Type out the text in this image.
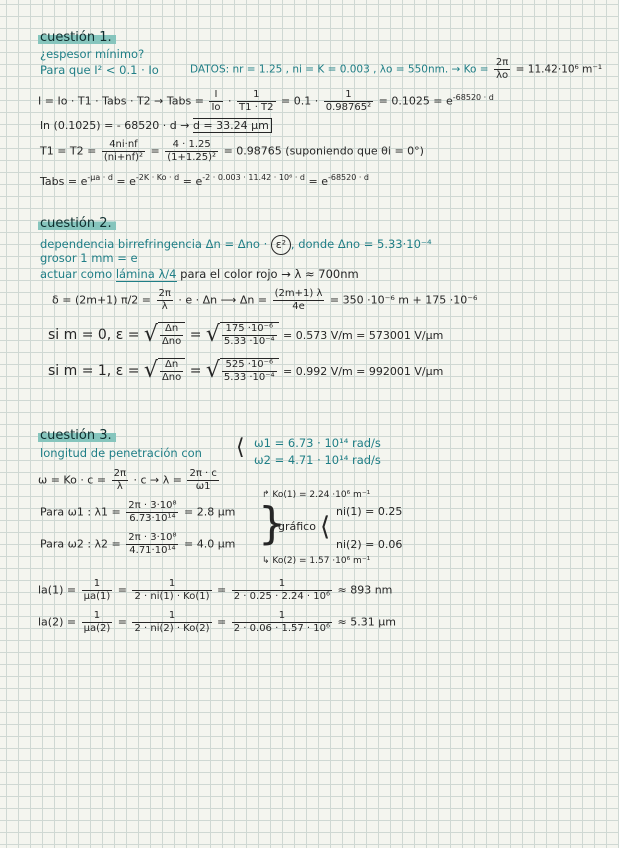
cuestión 1.
¿espesor mínimo?
Para que I² < 0.1 · Io	DATOS: nr = 1.25 , ni = K = 0.003 , λo = 550nm. → $Ko = \frac{2\pi}{\lambda o} = 11.42\cdot 10^6$ m⁻¹
I = Io · T1 · Tabs · T2 → Tabs = $\frac{I}{Io} \cdot \frac{1}{T1 \cdot T2} = 0.1 \cdot \frac{1}{\text{0.98765²}} = 0.1025 = e^{-68520 \cdot d}$
ln (0.1025) = - 68520 · d → d = 33.24 μm
$T1 = T2 = \frac{4ni\cdot nf}{\text{(ni+nf)²}} = \frac{4 \cdot 1.25}{\text{(1+1.25)²}} = 0.98765$ (suponiendo que θi = 0°)
Tabs = $e^{-\mu a \cdot d} = e^{-2K \cdot Ko \cdot d} = e^{-2 \cdot 0.003 \cdot 11.42 \cdot 10^6 \cdot d} = e^{-68520 \cdot d}$
cuestión 2.
dependencia birrefringencia Δn = Δno · ε² , donde Δno = 5.33·10⁻⁴
grosor 1 mm = e
actuar como lámina λ/4 para el color rojo → λ ≈ 700nm
δ = (2m+1) $\pi/2 = \frac{2\pi}{\lambda} \cdot e \cdot \Delta n$ ⟶ $\Delta n = \frac{(2m+1) \lambda}{4e} = 350 \cdot 10^{-6}$ m + 175 ·10⁻⁶
si m = 0, ε = √ $\frac{\Delta n}{\text{Δno}}$ = √ $\frac{\text{175 ·10⁻⁶}}{\text{5.33 ·10⁻⁴}} = 0.573$ V/m = 573001 V/μm
si m = 1, ε = √ $\frac{\Delta n}{\text{Δno}}$ = √ $\frac{\text{525 ·10⁻⁶}}{\text{5.33 ·10⁻⁴}} = 0.992$ V/m = 992001 V/μm
cuestión 3.
longitud de penetración con ⟨ ω1 = 6.73 · 10¹⁴ rad/s
ω2 = 4.71 · 10¹⁴ rad/s
$\omega = Ko \cdot c = \frac{2\pi}{\lambda} \cdot c \to \lambda = \frac{2\pi \cdot c}{\omega 1}$
↱ Ko(1) = 2.24 ·10⁶ m⁻¹
Para ω1 : $\lambda 1 = \frac{\text{2π · 3·10⁸}}{\text{6.73·10¹⁴}} = 2.8$ μm }
gráfico ⟨
ni(1) = 0.25
Para ω2 : $\lambda 2 = \frac{\text{2π · 3·10⁸}}{\text{4.71·10¹⁴}} = 4.0$ μm	ni(2) = 0.06
↳ Ko(2) = 1.57 ·10⁶ m⁻¹
$la(1) = \frac{1}{\mu a(1)} = \frac{1}{2 \cdot ni(1) \cdot Ko(1)} = \frac{1}{\text{2 · 0.25 · 2.24 · 10⁶}} \approx 893$ nm
$la(2) = \frac{1}{\mu a(2)} = \frac{1}{2 \cdot ni(2) \cdot Ko(2)} = \frac{1}{\text{2 · 0.06 · 1.57 · 10⁶}} \approx 5.31$ μm
